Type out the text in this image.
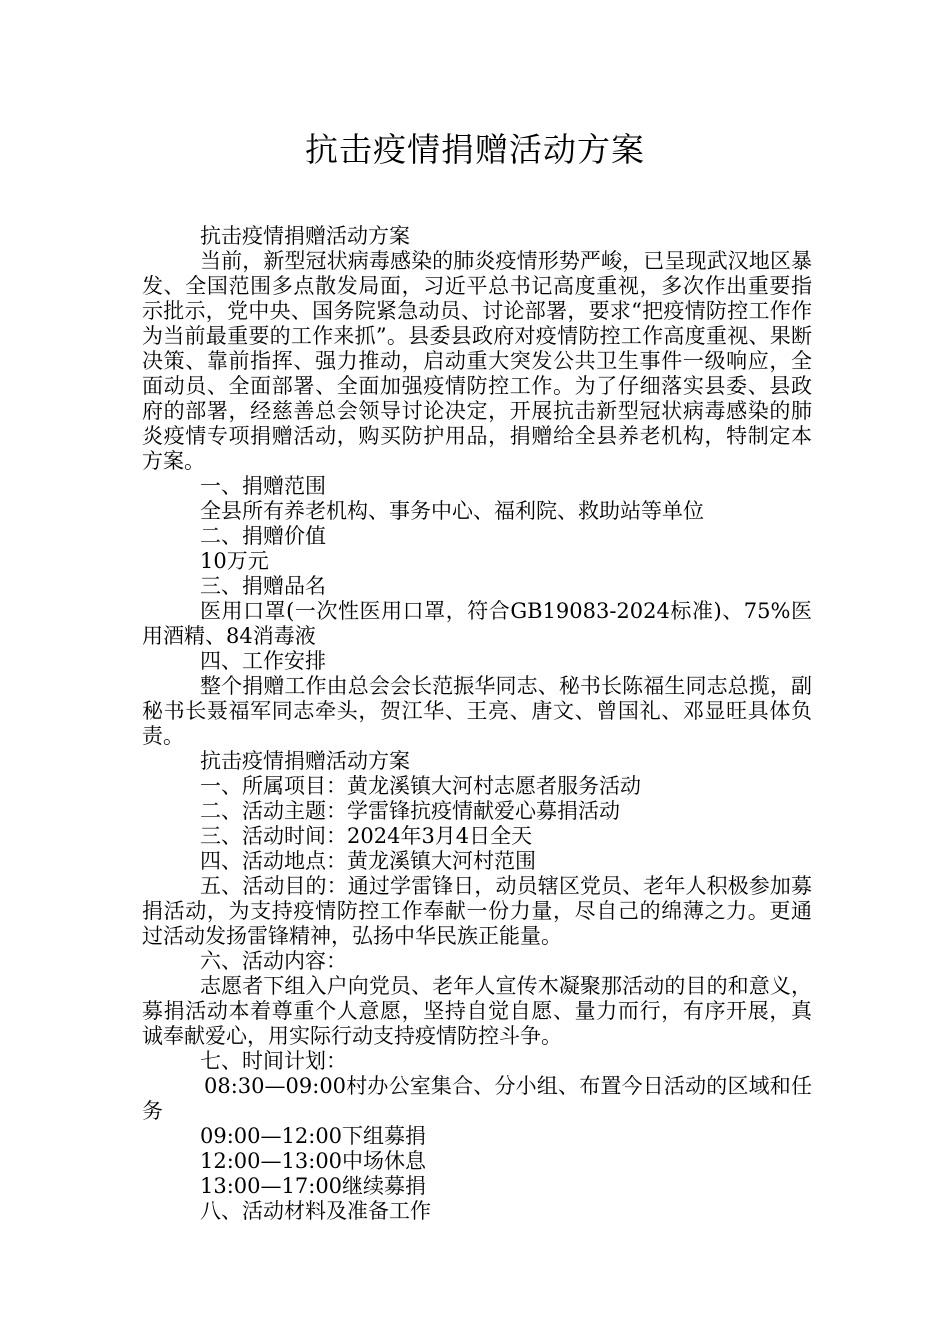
抗击疫情捐赠活动方案

抗击疫情捐赠活动方案

当前，新型冠状病毒感染的肺炎疫情形势严峻，已呈现武汉地区暴发、全国范围多点散发局面，习近平总书记高度重视，多次作出重要指示批示，党中央、国务院紧急动员、讨论部署，要求“把疫情防控工作作为当前最重要的工作来抓”。县委县政府对疫情防控工作高度重视、果断决策、靠前指挥、强力推动，启动重大突发公共卫生事件一级响应，全面动员、全面部署、全面加强疫情防控工作。为了仔细落实县委、县政府的部署，经慈善总会领导讨论决定，开展抗击新型冠状病毒感染的肺炎疫情专项捐赠活动，购买防护用品，捐赠给全县养老机构，特制定本方案。

一、捐赠范围

全县所有养老机构、事务中心、福利院、救助站等单位

二、捐赠价值

10万元

三、捐赠品名

医用口罩(一次性医用口罩，符合GB19083-2024标准)、75%医用酒精、84消毒液

四、工作安排

整个捐赠工作由总会会长范振华同志、秘书长陈福生同志总揽，副秘书长聂福军同志牵头，贺江华、王亮、唐文、曾国礼、邓显旺具体负责。

抗击疫情捐赠活动方案

一、所属项目：黄龙溪镇大河村志愿者服务活动

二、活动主题：学雷锋抗疫情献爱心募捐活动

三、活动时间：2024年3月4日全天

四、活动地点：黄龙溪镇大河村范围

五、活动目的：通过学雷锋日，动员辖区党员、老年人积极参加募捐活动，为支持疫情防控工作奉献一份力量，尽自己的绵薄之力。更通过活动发扬雷锋精神，弘扬中华民族正能量。

六、活动内容：

志愿者下组入户向党员、老年人宣传木凝聚那活动的目的和意义，募捐活动本着尊重个人意愿，坚持自觉自愿、量力而行，有序开展，真诚奉献爱心，用实际行动支持疫情防控斗争。

七、时间计划：

08:30—09:00村办公室集合、分小组、布置今日活动的区域和任务

09:00—12:00下组募捐

12:00—13:00中场休息

13:00—17:00继续募捐

八、活动材料及准备工作
